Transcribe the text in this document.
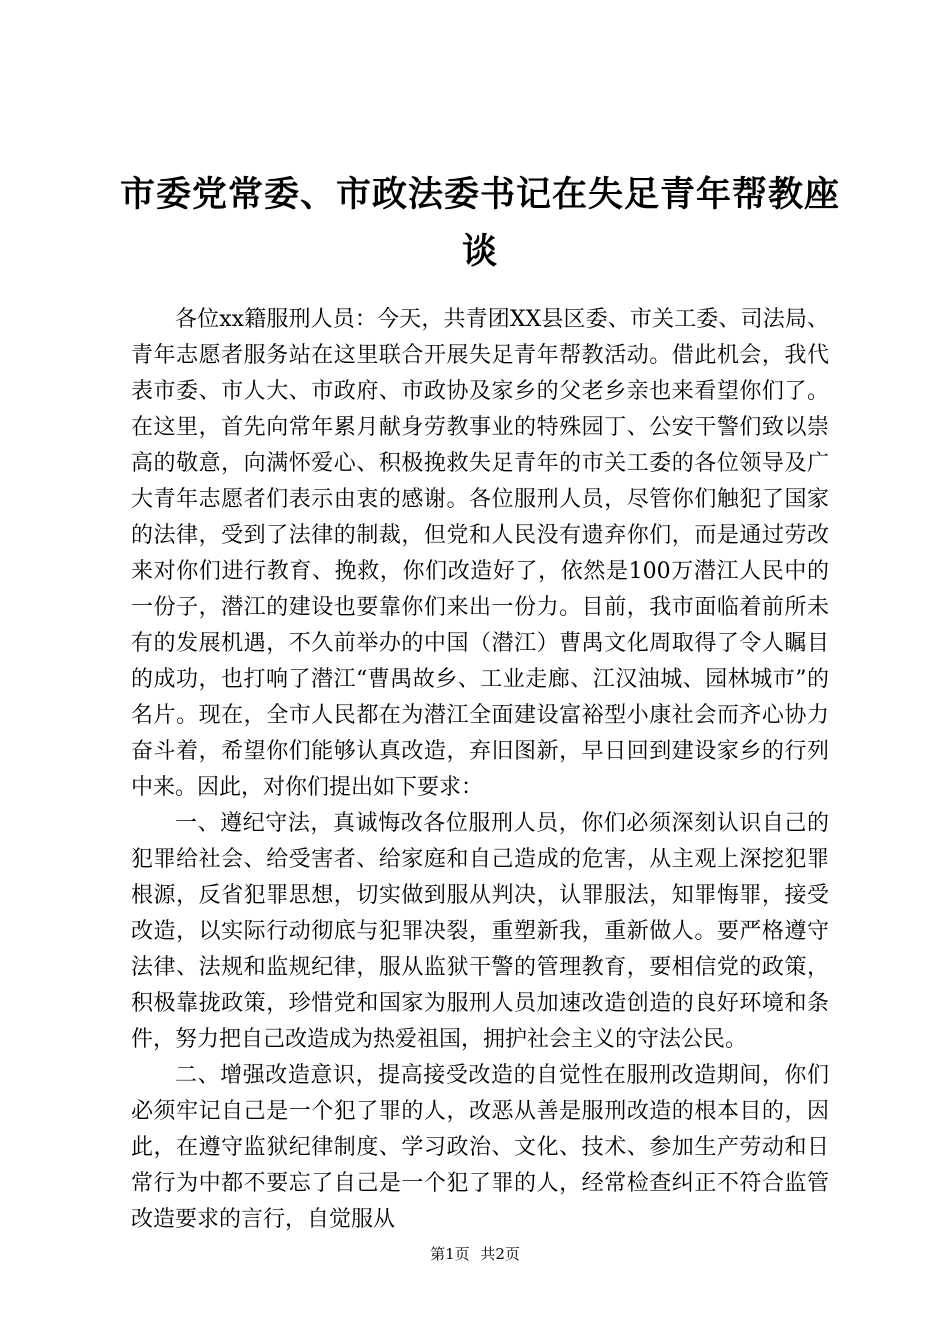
市委党常委、市政法委书记在失足青年帮教座谈

各位xx籍服刑人员：今天，共青团XX县区委、市关工委、司法局、青年志愿者服务站在这里联合开展失足青年帮教活动。借此机会，我代表市委、市人大、市政府、市政协及家乡的父老乡亲也来看望你们了。在这里，首先向常年累月献身劳教事业的特殊园丁、公安干警们致以崇高的敬意，向满怀爱心、积极挽救失足青年的市关工委的各位领导及广大青年志愿者们表示由衷的感谢。各位服刑人员，尽管你们触犯了国家的法律，受到了法律的制裁，但党和人民没有遗弃你们，而是通过劳改来对你们进行教育、挽救，你们改造好了，依然是100万潜江人民中的一份子，潜江的建设也要靠你们来出一份力。目前，我市面临着前所未有的发展机遇，不久前举办的中国（潜江）曹禺文化周取得了令人瞩目的成功，也打响了潜江“曹禺故乡、工业走廊、江汉油城、园林城市”的名片。现在，全市人民都在为潜江全面建设富裕型小康社会而齐心协力奋斗着，希望你们能够认真改造，弃旧图新，早日回到建设家乡的行列中来。因此，对你们提出如下要求：

一、遵纪守法，真诚悔改各位服刑人员，你们必须深刻认识自己的犯罪给社会、给受害者、给家庭和自己造成的危害，从主观上深挖犯罪根源，反省犯罪思想，切实做到服从判决，认罪服法，知罪悔罪，接受改造，以实际行动彻底与犯罪决裂，重塑新我，重新做人。要严格遵守法律、法规和监规纪律，服从监狱干警的管理教育，要相信党的政策，积极靠拢政策，珍惜党和国家为服刑人员加速改造创造的良好环境和条件，努力把自己改造成为热爱祖国，拥护社会主义的守法公民。

二、增强改造意识，提高接受改造的自觉性在服刑改造期间，你们必须牢记自己是一个犯了罪的人，改恶从善是服刑改造的根本目的，因此，在遵守监狱纪律制度、学习政治、文化、技术、参加生产劳动和日常行为中都不要忘了自己是一个犯了罪的人，经常检查纠正不符合监管改造要求的言行，自觉服从

第1页 共2页
